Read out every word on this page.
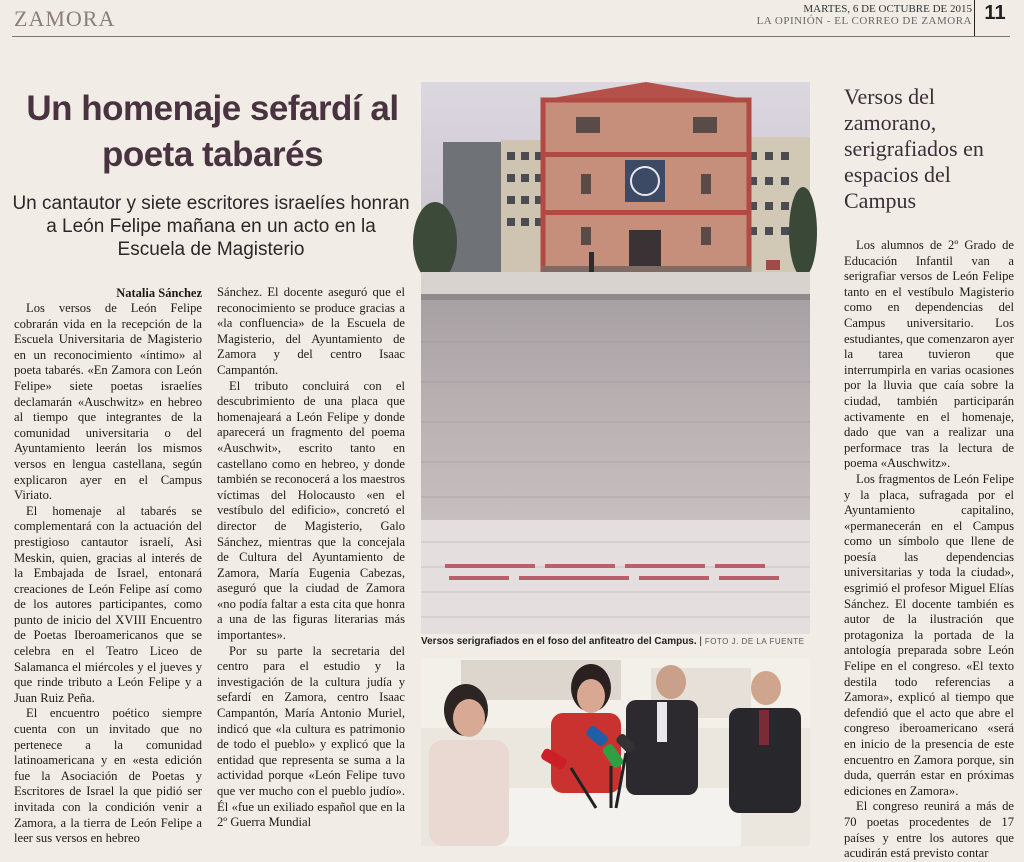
ZAMORA	MARTES, 6 DE OCTUBRE DE 2015
LA OPINIÓN - EL CORREO DE ZAMORA 11
Un homenaje sefardí al
poeta tabarés
Un cantautor y siete escritores israelíes honran a León Felipe mañana en un acto en la Escuela de Magisterio
Natalia Sánchez

Los versos de León Felipe cobrarán vida en la recepción de la Escuela Universitaria de Magisterio en un reconocimiento «íntimo» al poeta tabarés. «En Zamora con León Felipe» siete poetas israelíes declamarán «Auschwitz» en hebreo al tiempo que integrantes de la comunidad universitaria o del Ayuntamiento leerán los mismos versos en lengua castellana, según explicaron ayer en el Campus Viriato.

El homenaje al tabarés se complementará con la actuación del prestigioso cantautor israelí, Asi Meskin, quien, gracias al interés de la Embajada de Israel, entonará creaciones de León Felipe así como de los autores participantes, como punto de inicio del XVIII Encuentro de Poetas Iberoamericanos que se celebra en el Teatro Liceo de Salamanca el miércoles y el jueves y que rinde tributo a León Felipe y a Juan Ruiz Peña.

El encuentro poético siempre cuenta con un invitado que no pertenece a la comunidad latinoamericana y en «esta edición fue la Asociación de Poetas y Escritores de Israel la que pidió ser invitada con la condición venir a Zamora, a la tierra de León Felipe a leer sus versos en hebreo

Sánchez. El docente aseguró que el reconocimiento se produce gracias a «la confluencia» de la Escuela de Magisterio, del Ayuntamiento de Zamora y del centro Isaac Campantón.

El tributo concluirá con el descubrimiento de una placa que homenajeará a León Felipe y donde aparecerá un fragmento del poema «Auschwit», escrito tanto en castellano como en hebreo, y donde también se reconocerá a los maestros víctimas del Holocausto «en el vestíbulo del edificio», concretó el director de Magisterio, Galo Sánchez, mientras que la concejala de Cultura del Ayuntamiento de Zamora, María Eugenia Cabezas, aseguró que la ciudad de Zamora «no podía faltar a esta cita que honra a una de las figuras literarias más importantes».

Por su parte la secretaria del centro para el estudio y la investigación de la cultura judía y sefardí en Zamora, centro Isaac Campantón, María Antonio Muriel, indicó que «la cultura es patrimonio de todo el pueblo» y explicó que la entidad que representa se suma a la actividad porque «León Felipe tuvo que ver mucho con el pueblo judío». Él «fue un exiliado español que en la 2º Guerra Mundial

Versos serigrafiados en el foso del anfiteatro del Campus. | FOTO J. DE LA FUENTE
Versos del zamorano, serigrafiados en espacios del Campus

Los alumnos de 2º Grado de Educación Infantil van a serigrafiar versos de León Felipe tanto en el vestíbulo Magisterio como en dependencias del Campus universitario. Los estudiantes, que comenzaron ayer la tarea tuvieron que interrumpirla en varias ocasiones por la lluvia que caía sobre la ciudad, también participarán activamente en el homenaje, dado que van a realizar una performace tras la lectura de poema «Auschwitz».

Los fragmentos de León Felipe y la placa, sufragada por el Ayuntamiento capitalino, «permanecerán en el Campus como un símbolo que llene de poesía las dependencias universitarias y toda la ciudad», esgrimió el profesor Miguel Elías Sánchez. El docente también es autor de la ilustración que protagoniza la portada de la antología preparada sobre León Felipe en el congreso. «El texto destila todo referencias a Zamora», explicó al tiempo que defendió que el acto que abre el congreso iberoamericano «será en inicio de la presencia de este encuentro en Zamora porque, sin duda, querrán estar en próximas ediciones en Zamora».

El congreso reunirá a más de 70 poetas procedentes de 17 países y entre los autores que acudirán está previsto contar
